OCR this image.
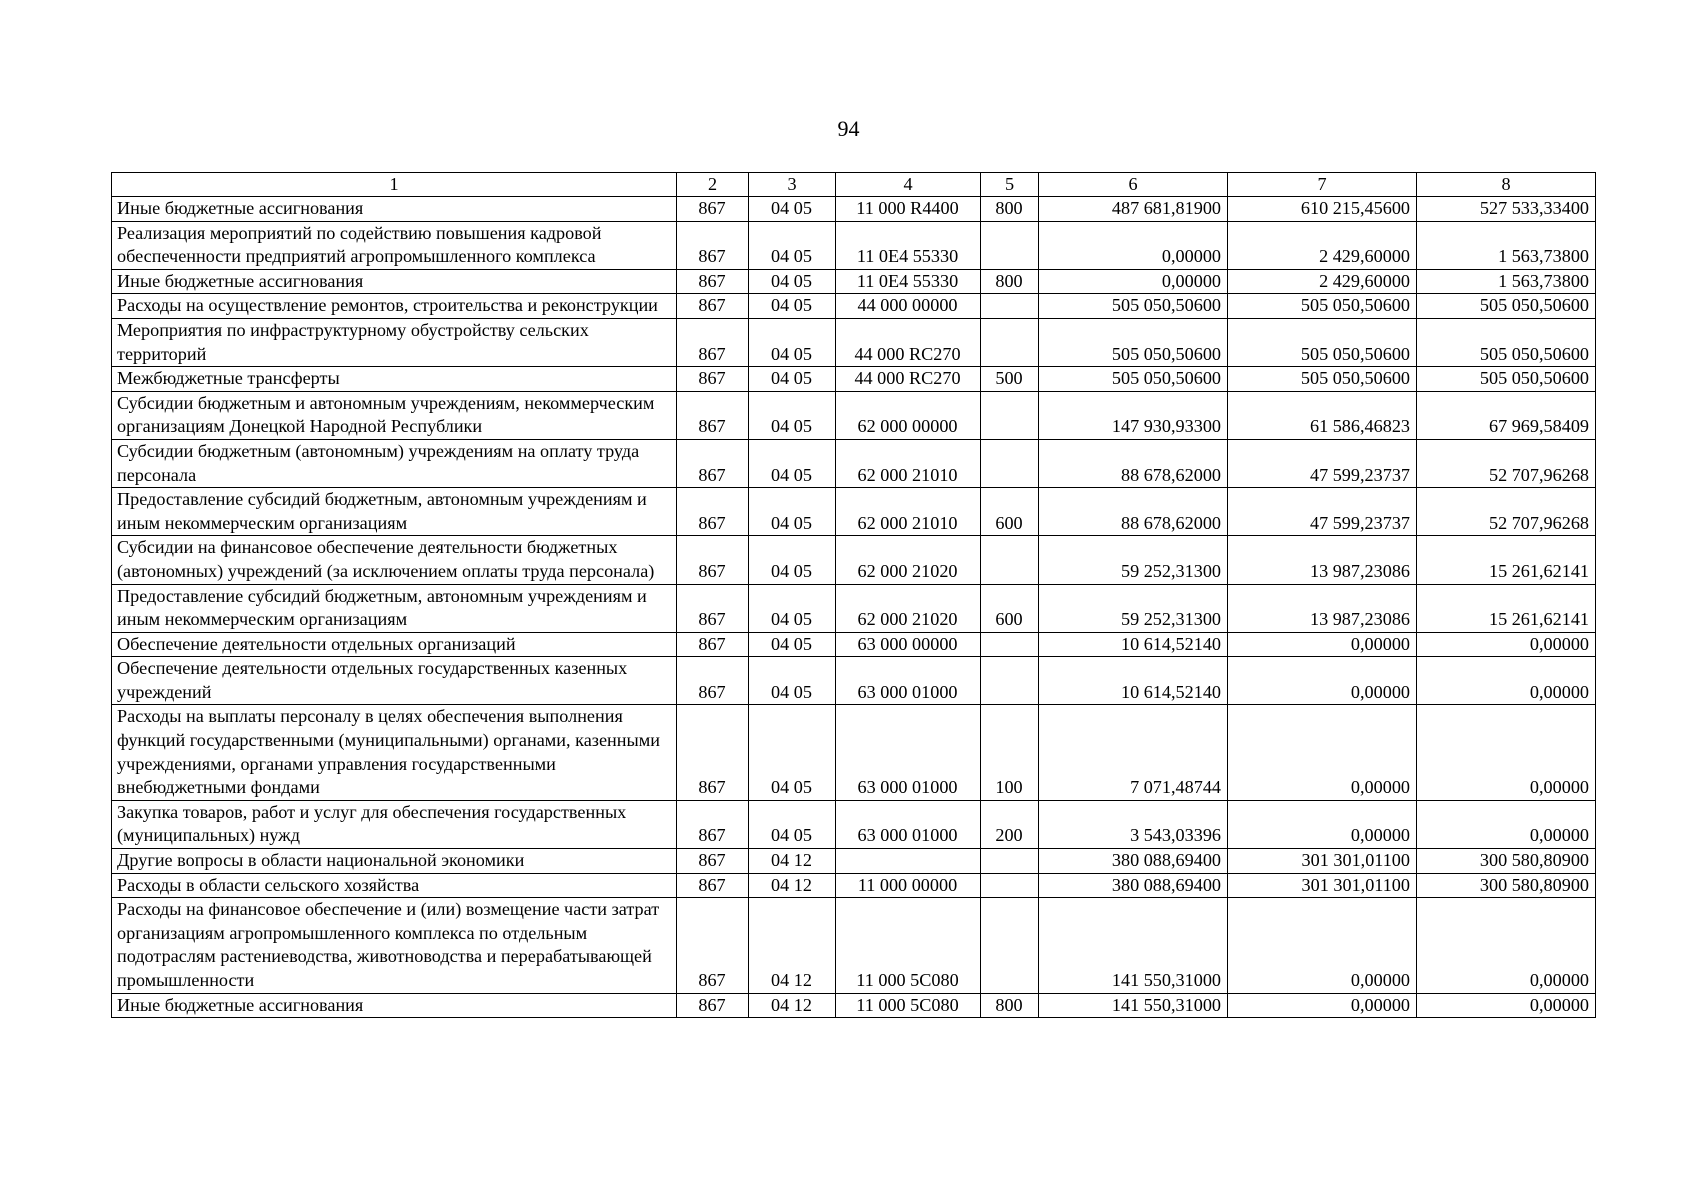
94
1	2	3	4	5	6	7	8
Иные бюджетные ассигнования	867	04 05	11 000 R4400	800	487 681,81900	610 215,45600	527 533,33400
Реализация мероприятий по содействию повышения кадровой обеспеченности предприятий агропромышленного комплекса	867	04 05	11 0E4 55330		0,00000	2 429,60000	1 563,73800
Иные бюджетные ассигнования	867	04 05	11 0E4 55330	800	0,00000	2 429,60000	1 563,73800
Расходы на осуществление ремонтов, строительства и реконструкции	867	04 05	44 000 00000		505 050,50600	505 050,50600	505 050,50600
Мероприятия по инфраструктурному обустройству сельских территорий	867	04 05	44 000 RC270		505 050,50600	505 050,50600	505 050,50600
Межбюджетные трансферты	867	04 05	44 000 RC270	500	505 050,50600	505 050,50600	505 050,50600
Субсидии бюджетным и автономным учреждениям, некоммерческим организациям Донецкой Народной Республики	867	04 05	62 000 00000		147 930,93300	61 586,46823	67 969,58409
Субсидии бюджетным (автономным) учреждениям на оплату труда персонала	867	04 05	62 000 21010		88 678,62000	47 599,23737	52 707,96268
Предоставление субсидий бюджетным, автономным учреждениям и иным некоммерческим организациям	867	04 05	62 000 21010	600	88 678,62000	47 599,23737	52 707,96268
Субсидии на финансовое обеспечение деятельности бюджетных (автономных) учреждений (за исключением оплаты труда персонала)	867	04 05	62 000 21020		59 252,31300	13 987,23086	15 261,62141
Предоставление субсидий бюджетным, автономным учреждениям и иным некоммерческим организациям	867	04 05	62 000 21020	600	59 252,31300	13 987,23086	15 261,62141
Обеспечение деятельности отдельных организаций	867	04 05	63 000 00000		10 614,52140	0,00000	0,00000
Обеспечение деятельности отдельных государственных казенных учреждений	867	04 05	63 000 01000		10 614,52140	0,00000	0,00000
Расходы на выплаты персоналу в целях обеспечения выполнения функций государственными (муниципальными) органами, казенными учреждениями, органами управления государственными внебюджетными фондами	867	04 05	63 000 01000	100	7 071,48744	0,00000	0,00000
Закупка товаров, работ и услуг для обеспечения государственных (муниципальных) нужд	867	04 05	63 000 01000	200	3 543,03396	0,00000	0,00000
Другие вопросы в области национальной экономики	867	04 12			380 088,69400	301 301,01100	300 580,80900
Расходы в области сельского хозяйства	867	04 12	11 000 00000		380 088,69400	301 301,01100	300 580,80900
Расходы на финансовое обеспечение и (или) возмещение части затрат организациям агропромышленного комплекса по отдельным подотраслям растениеводства, животноводства и перерабатывающей промышленности	867	04 12	11 000 5C080		141 550,31000	0,00000	0,00000
Иные бюджетные ассигнования	867	04 12	11 000 5C080	800	141 550,31000	0,00000	0,00000
